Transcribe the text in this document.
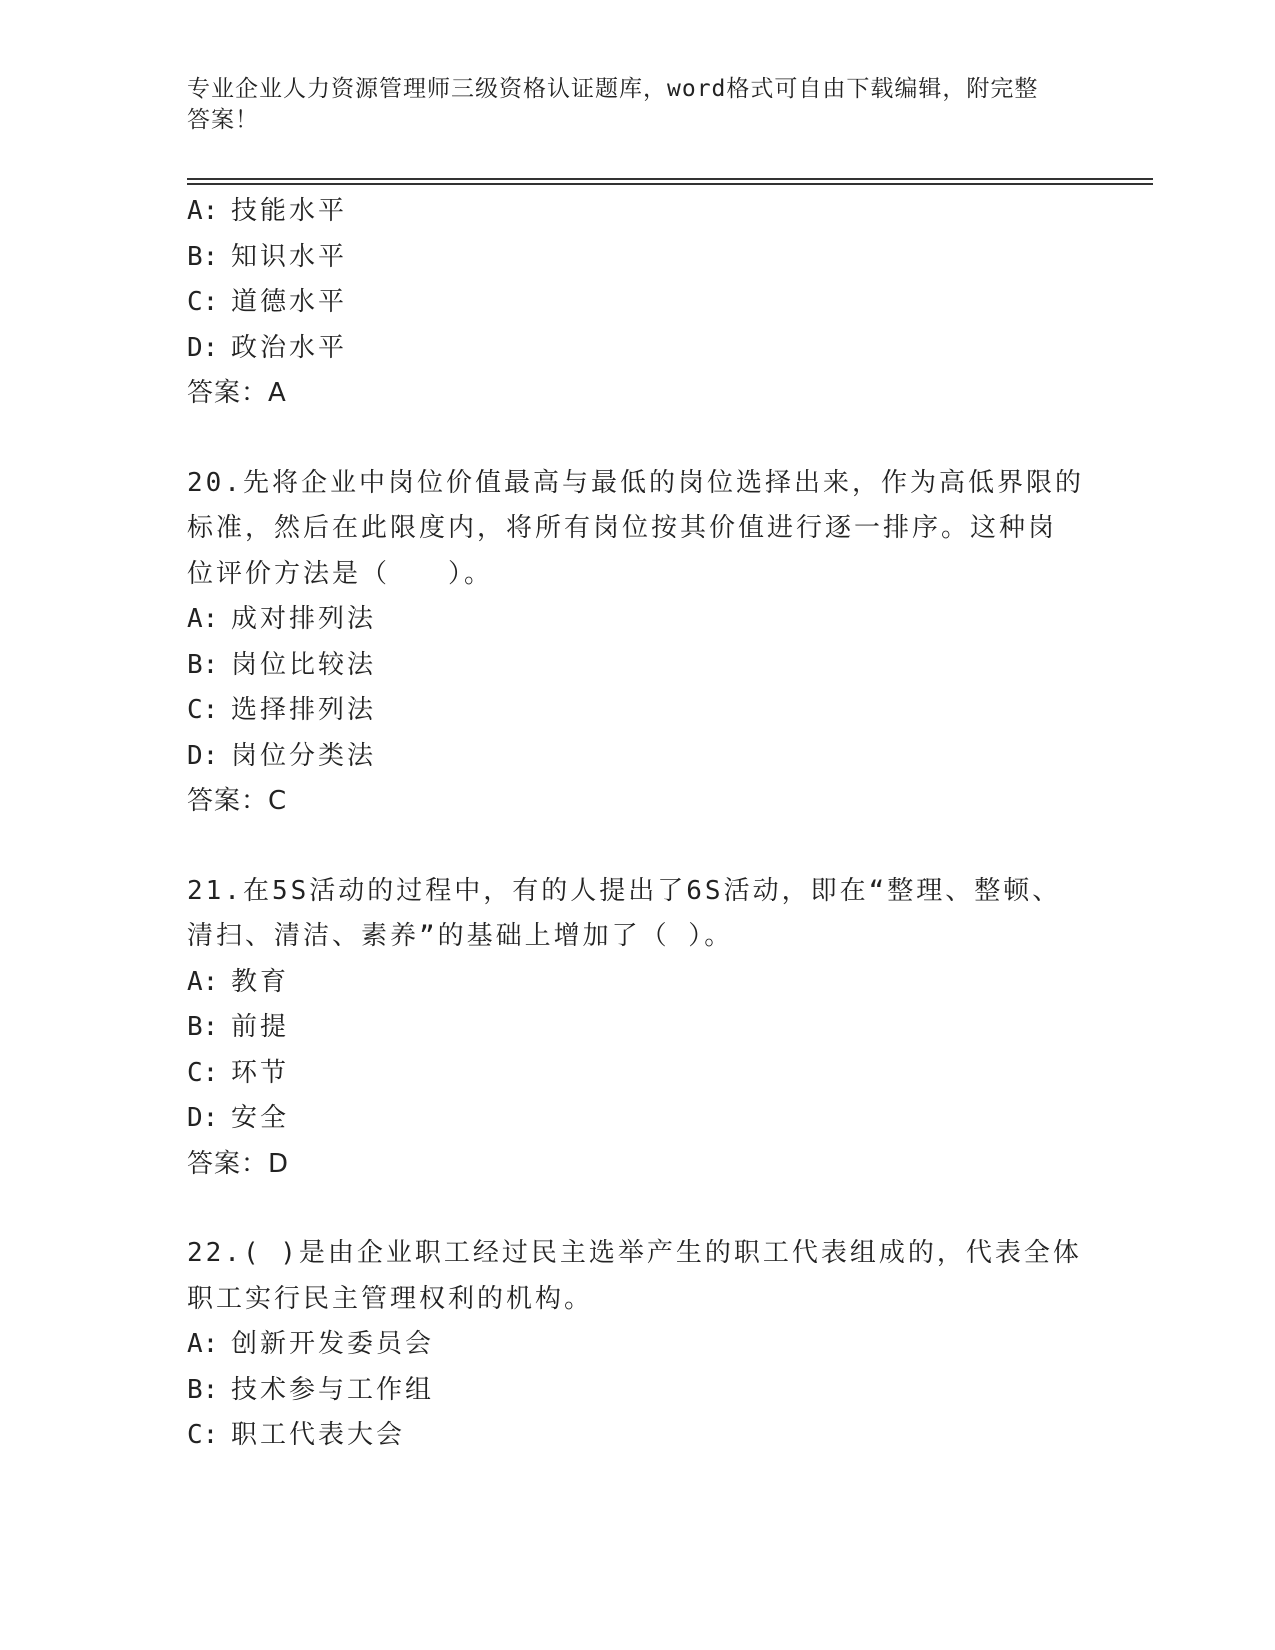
专业企业人力资源管理师三级资格认证题库，word格式可自由下载编辑，附完整
答案！
A: 技能水平
B: 知识水平
C: 道德水平
D: 政治水平
答案：A
20.先将企业中岗位价值最高与最低的岗位选择出来，作为高低界限的
标准，然后在此限度内，将所有岗位按其价值进行逐一排序。这种岗
位评价方法是（　　）。
A: 成对排列法
B: 岗位比较法
C: 选择排列法
D: 岗位分类法
答案：C
21.在5S活动的过程中，有的人提出了6S活动，即在“整理、整顿、
清扫、清洁、素养”的基础上增加了（ ）。
A: 教育
B: 前提
C: 环节
D: 安全
答案：D
22.( )是由企业职工经过民主选举产生的职工代表组成的，代表全体
职工实行民主管理权利的机构。
A: 创新开发委员会
B: 技术参与工作组
C: 职工代表大会
